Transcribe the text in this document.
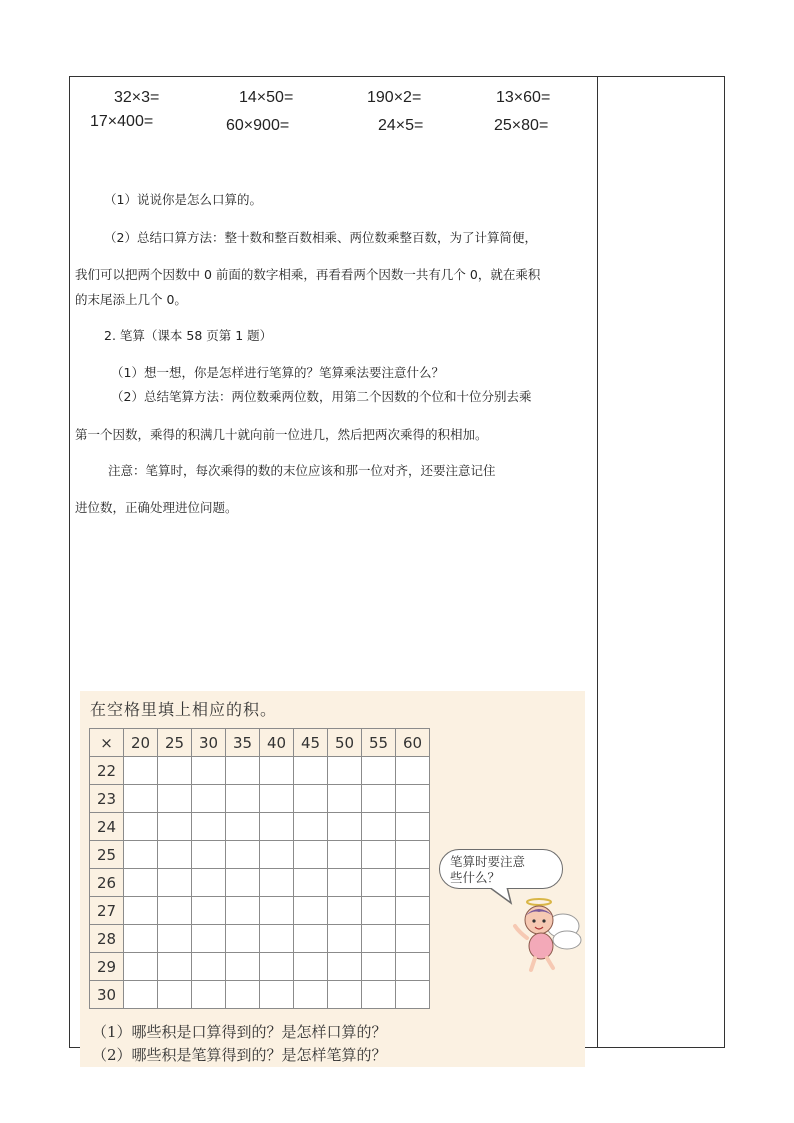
32×3=	14×50=	190×2=	13×60=
17×400=	60×900=	24×5=	25×80=
（1）说说你是怎么口算的。
（2）总结口算方法：整十数和整百数相乘、两位数乘整百数，为了计算简便，
我们可以把两个因数中 0 前面的数字相乘，再看看两个因数一共有几个 0，就在乘积
的末尾添上几个 0。
2. 笔算（课本 58 页第 1 题）
（1）想一想，你是怎样进行笔算的？笔算乘法要注意什么？
（2）总结笔算方法：两位数乘两位数，用第二个因数的个位和十位分别去乘
第一个因数，乘得的积满几十就向前一位进几，然后把两次乘得的积相加。
注意：笔算时，每次乘得的数的末位应该和那一位对齐，还要注意记住
进位数，正确处理进位问题。
在空格里填上相应的积。
×	20	25	30	35	40	45	50	55	60
22									
23									
24									
25									
26									
27									
28									
29									
30									
笔算时要注意
些什么？
（1）哪些积是口算得到的？是怎样口算的？
（2）哪些积是笔算得到的？是怎样笔算的？
